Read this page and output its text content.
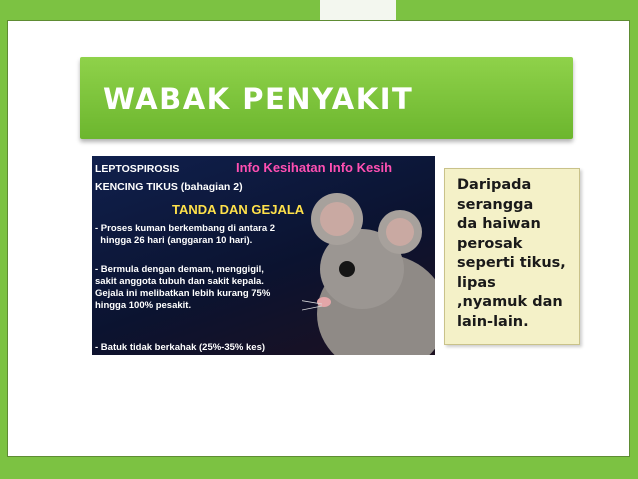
WABAK PENYAKIT

LEPTOSPIROSIS	Info Kesihatan Info Kesih

KENCING TIKUS (bahagian 2)

TANDA DAN GEJALA

- Proses kuman berkembang di antara 2
hingga 26 hari (anggaran 10 hari).

- Bermula dengan demam, menggigil,
sakit anggota tubuh dan sakit kepala.
Gejala ini melibatkan lebih kurang 75%
hingga 100% pesakit.

- Batuk tidak berkahak (25%-35% kes)

Daripada
serangga
da haiwan
perosak
seperti tikus,
lipas
,nyamuk dan
lain-lain.
